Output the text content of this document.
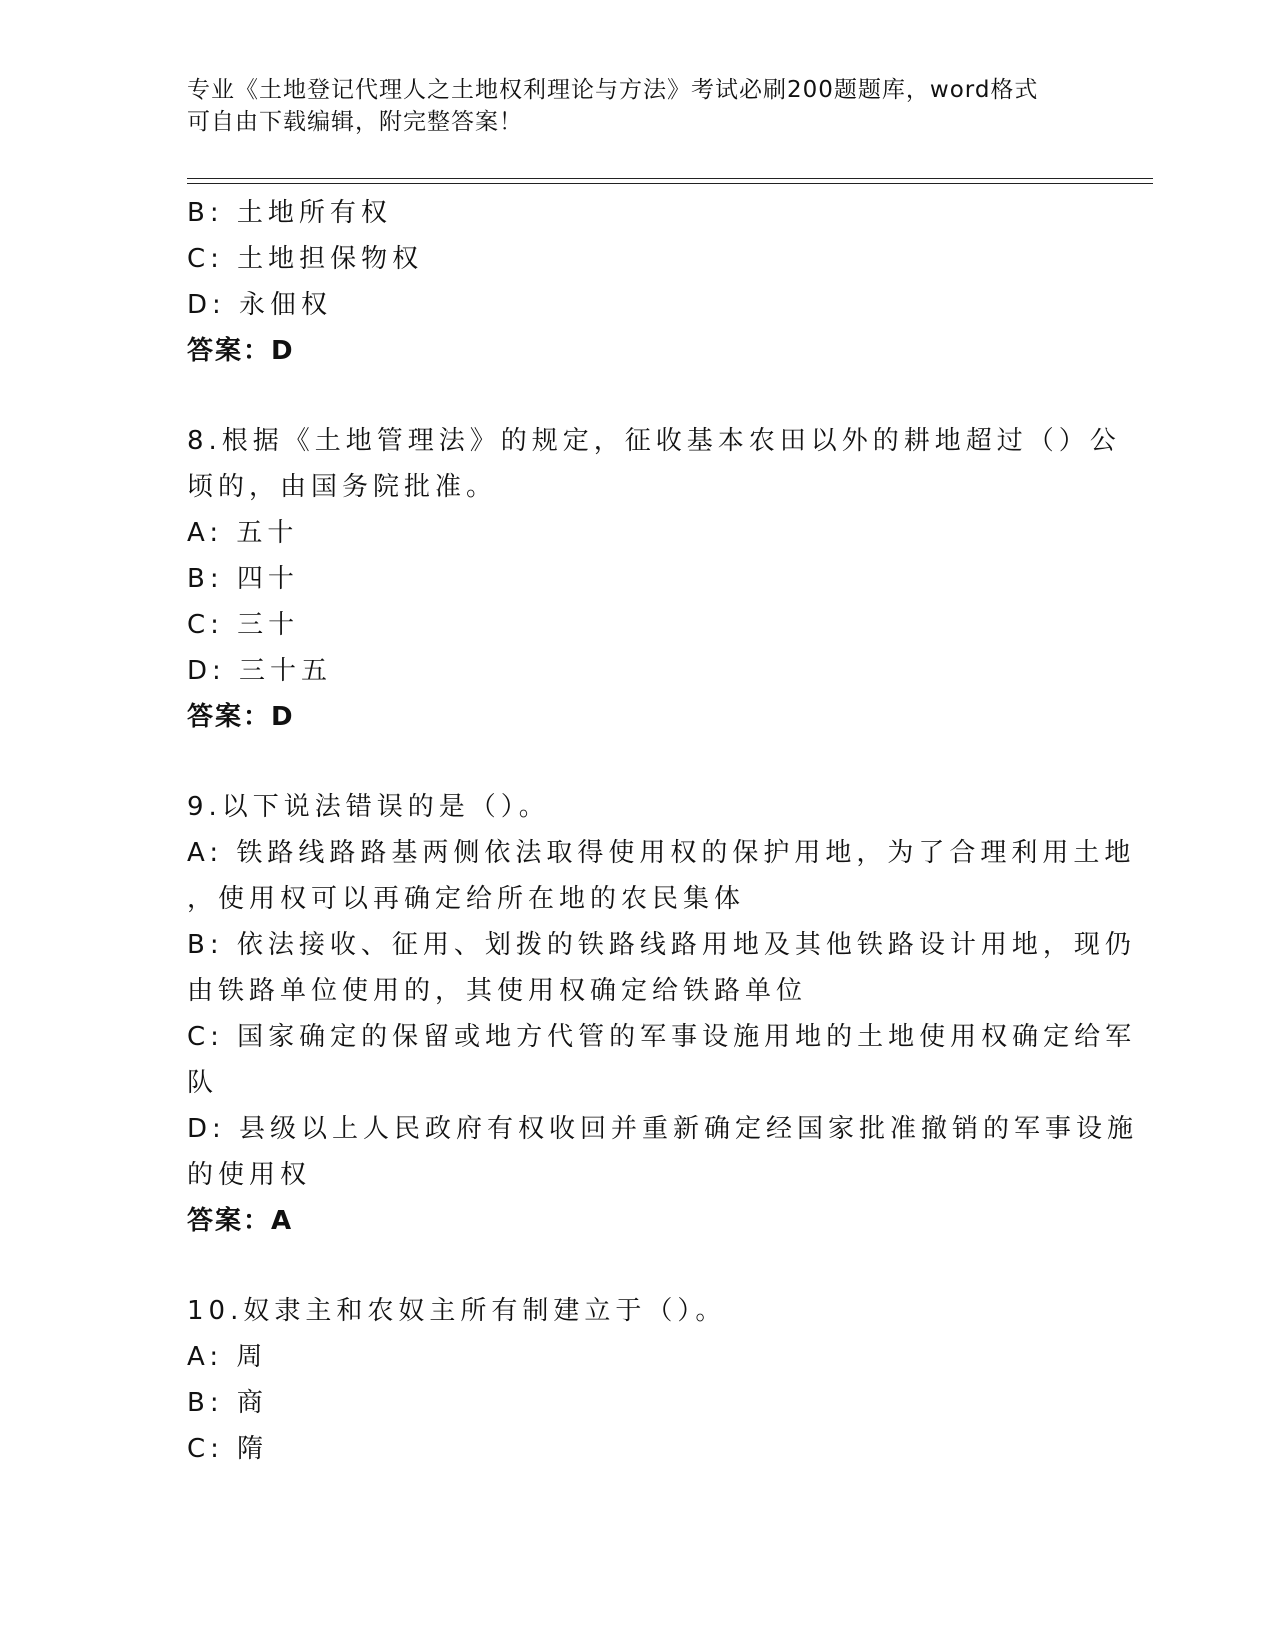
专业《土地登记代理人之土地权利理论与方法》考试必刷200题题库，word格式
可自由下载编辑，附完整答案！
B: 土地所有权
C: 土地担保物权
D: 永佃权
答案：D
8.根据《土地管理法》的规定，征收基本农田以外的耕地超过（）公
顷的，由国务院批准。
A: 五十
B: 四十
C: 三十
D: 三十五
答案：D
9.以下说法错误的是（）。
A: 铁路线路路基两侧依法取得使用权的保护用地，为了合理利用土地
，使用权可以再确定给所在地的农民集体
B: 依法接收、征用、划拨的铁路线路用地及其他铁路设计用地，现仍
由铁路单位使用的，其使用权确定给铁路单位
C: 国家确定的保留或地方代管的军事设施用地的土地使用权确定给军
队
D: 县级以上人民政府有权收回并重新确定经国家批准撤销的军事设施
的使用权
答案：A
10.奴隶主和农奴主所有制建立于（）。
A: 周
B: 商
C: 隋
